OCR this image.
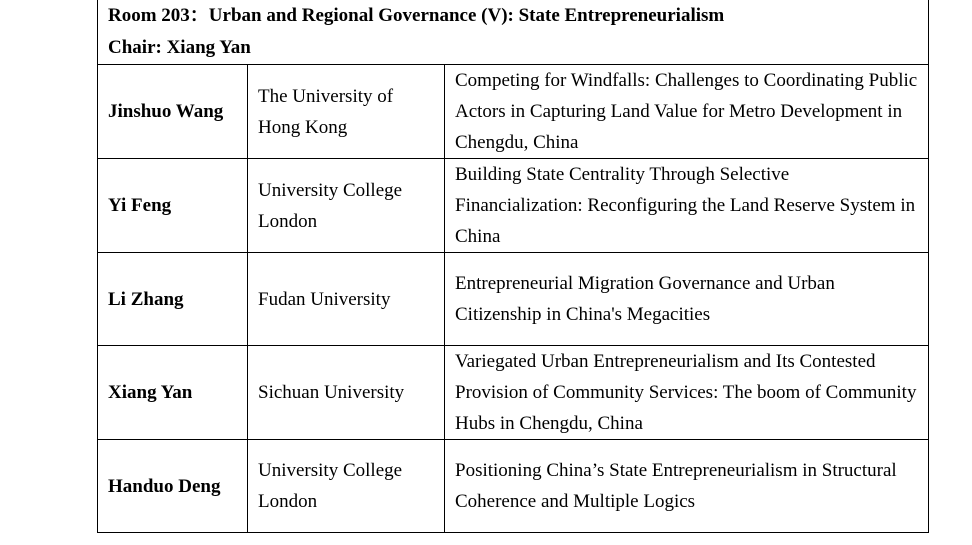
Room 203：Urban and Regional Governance (V): State Entrepreneurialism
Chair: Xiang Yan		

Jinshuo Wang	The University of Hong Kong	Competing for Windfalls: Challenges to Coordinating Public Actors in Capturing Land Value for Metro Development in Chengdu, China
Yi Feng	University College London	Building State Centrality Through Selective Financialization: Reconfiguring the Land Reserve System in China
Li Zhang	Fudan University	Entrepreneurial Migration Governance and Urban Citizenship in China's Megacities
Xiang Yan	Sichuan University	Variegated Urban Entrepreneurialism and Its Contested Provision of Community Services: The boom of Community Hubs in Chengdu, China
Handuo Deng	University College London	Positioning China’s State Entrepreneurialism in Structural Coherence and Multiple Logics
